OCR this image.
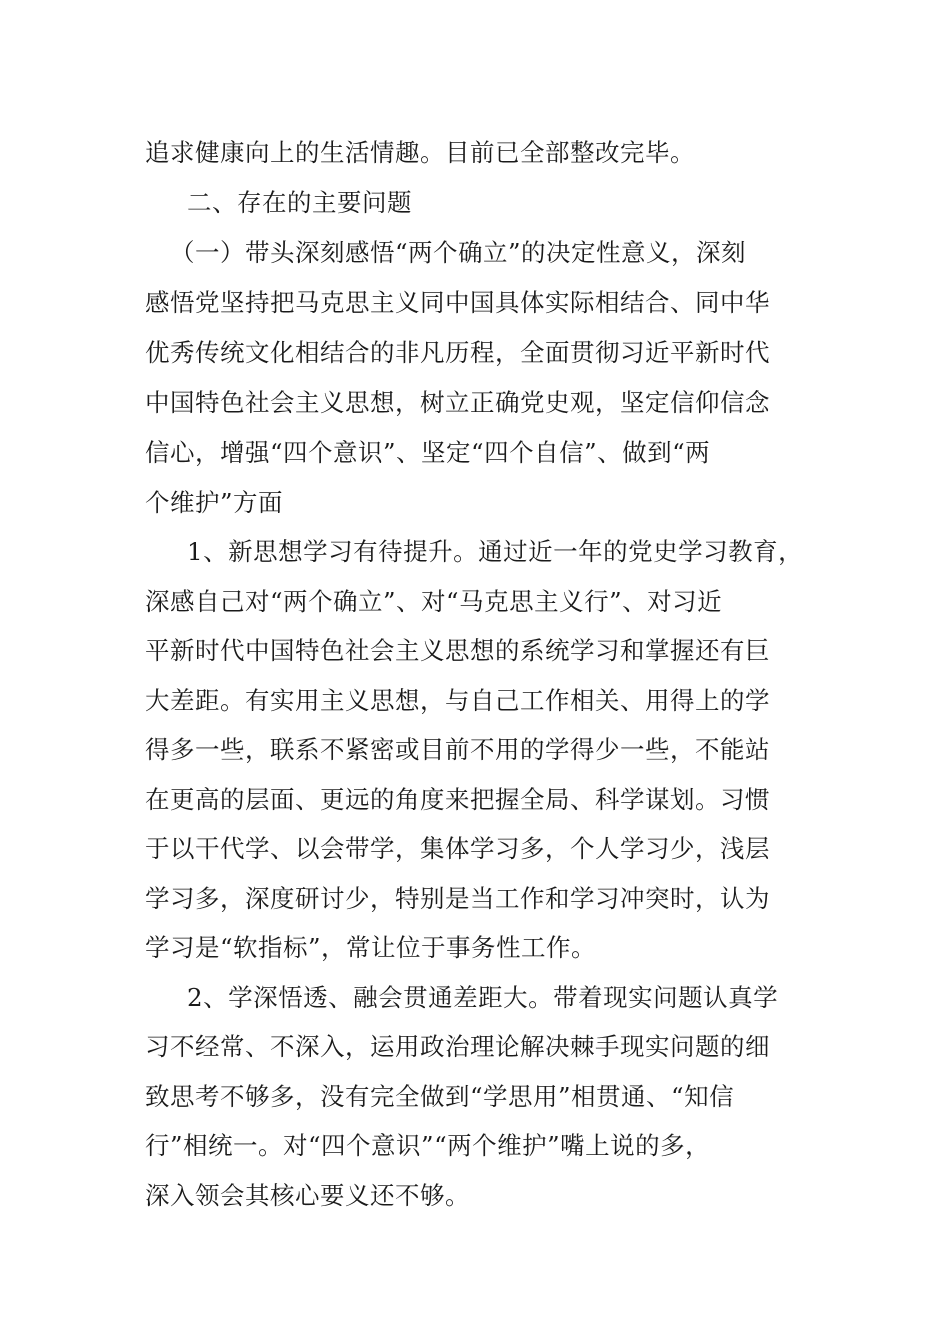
追求健康向上的生活情趣。目前已全部整改完毕。
二、存在的主要问题
（一）带头深刻感悟“两个确立”的决定性意义，深刻
感悟党坚持把马克思主义同中国具体实际相结合、同中华
优秀传统文化相结合的非凡历程，全面贯彻习近平新时代
中国特色社会主义思想，树立正确党史观，坚定信仰信念
信心，增强“四个意识”、坚定“四个自信”、做到“两
个维护”方面
1、新思想学习有待提升。通过近一年的党史学习教育，
深感自己对“两个确立”、对“马克思主义行”、对习近
平新时代中国特色社会主义思想的系统学习和掌握还有巨
大差距。有实用主义思想，与自己工作相关、用得上的学
得多一些，联系不紧密或目前不用的学得少一些，不能站
在更高的层面、更远的角度来把握全局、科学谋划。习惯
于以干代学、以会带学，集体学习多，个人学习少，浅层
学习多，深度研讨少，特别是当工作和学习冲突时，认为
学习是“软指标”，常让位于事务性工作。
2、学深悟透、融会贯通差距大。带着现实问题认真学
习不经常、不深入，运用政治理论解决棘手现实问题的细
致思考不够多，没有完全做到“学思用”相贯通、“知信
行”相统一。对“四个意识”“两个维护”嘴上说的多，
深入领会其核心要义还不够。
